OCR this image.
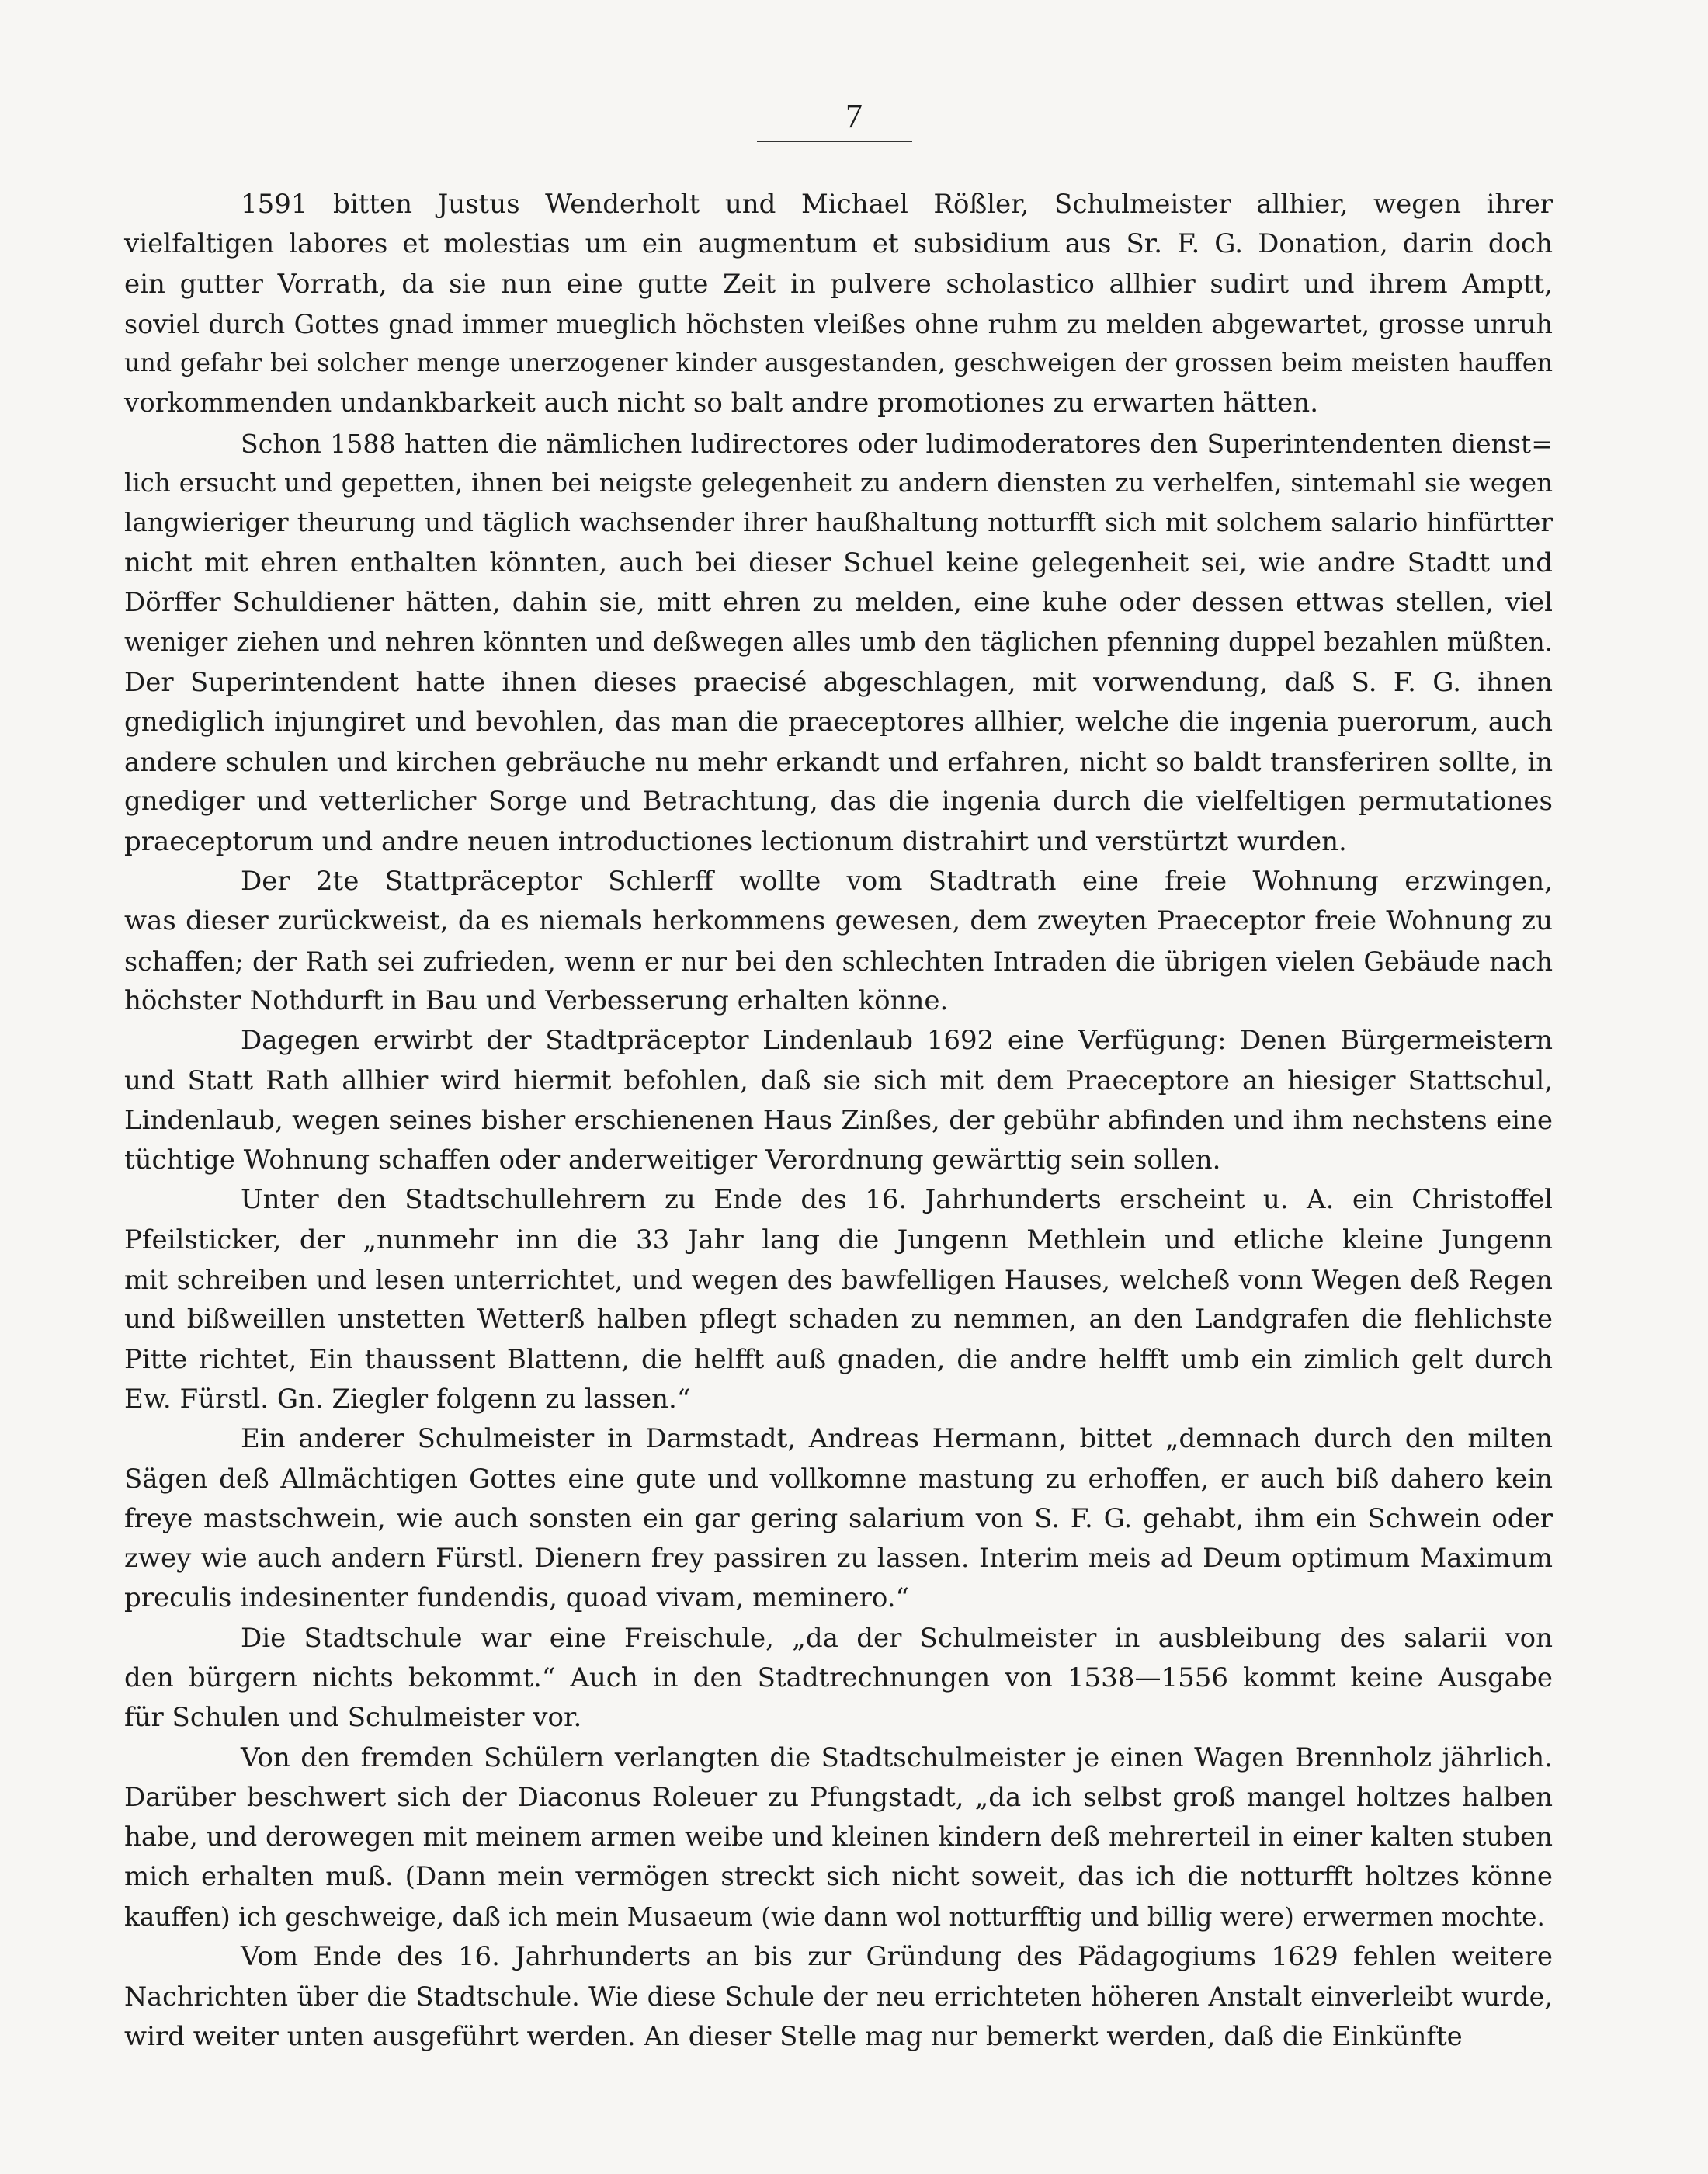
7

1591 bitten Justus Wenderholt und Michael Rößler, Schulmeister allhier, wegen ihrer
vielfaltigen labores et molestias um ein augmentum et subsidium aus Sr. F. G. Donation, darin doch
ein gutter Vorrath, da sie nun eine gutte Zeit in pulvere scholastico allhier sudirt und ihrem Amptt,
soviel durch Gottes gnad immer mueglich höchsten vleißes ohne ruhm zu melden abgewartet, grosse unruh
und gefahr bei solcher menge unerzogener kinder ausgestanden, geschweigen der grossen beim meisten hauffen
vorkommenden undankbarkeit auch nicht so balt andre promotiones zu erwarten hätten.

Schon 1588 hatten die nämlichen ludirectores oder ludimoderatores den Superintendenten dienst=
lich ersucht und gepetten, ihnen bei neigste gelegenheit zu andern diensten zu verhelfen, sintemahl sie wegen
langwieriger theurung und täglich wachsender ihrer haußhaltung notturfft sich mit solchem salario hinfürtter
nicht mit ehren enthalten könnten, auch bei dieser Schuel keine gelegenheit sei, wie andre Stadtt und
Dörffer Schuldiener hätten, dahin sie, mitt ehren zu melden, eine kuhe oder dessen ettwas stellen, viel
weniger ziehen und nehren könnten und deßwegen alles umb den täglichen pfenning duppel bezahlen müßten.
Der Superintendent hatte ihnen dieses praecisé abgeschlagen, mit vorwendung, daß S. F. G. ihnen
gnediglich injungiret und bevohlen, das man die praeceptores allhier, welche die ingenia puerorum, auch
andere schulen und kirchen gebräuche nu mehr erkandt und erfahren, nicht so baldt transferiren sollte, in
gnediger und vetterlicher Sorge und Betrachtung, das die ingenia durch die vielfeltigen permutationes
praeceptorum und andre neuen introductiones lectionum distrahirt und verstürtzt wurden.

Der 2te Stattpräceptor Schlerff wollte vom Stadtrath eine freie Wohnung erzwingen,
was dieser zurückweist, da es niemals herkommens gewesen, dem zweyten Praeceptor freie Wohnung zu
schaffen; der Rath sei zufrieden, wenn er nur bei den schlechten Intraden die übrigen vielen Gebäude nach
höchster Nothdurft in Bau und Verbesserung erhalten könne.

Dagegen erwirbt der Stadtpräceptor Lindenlaub 1692 eine Verfügung: Denen Bürgermeistern
und Statt Rath allhier wird hiermit befohlen, daß sie sich mit dem Praeceptore an hiesiger Stattschul,
Lindenlaub, wegen seines bisher erschienenen Haus Zinßes, der gebühr abfinden und ihm nechstens eine
tüchtige Wohnung schaffen oder anderweitiger Verordnung gewärttig sein sollen.

Unter den Stadtschullehrern zu Ende des 16. Jahrhunderts erscheint u. A. ein Christoffel
Pfeilsticker, der „nunmehr inn die 33 Jahr lang die Jungenn Methlein und etliche kleine Jungenn
mit schreiben und lesen unterrichtet, und wegen des bawfelligen Hauses, welcheß vonn Wegen deß Regen
und bißweillen unstetten Wetterß halben pflegt schaden zu nemmen, an den Landgrafen die flehlichste
Pitte richtet, Ein thaussent Blattenn, die helfft auß gnaden, die andre helfft umb ein zimlich gelt durch
Ew. Fürstl. Gn. Ziegler folgenn zu lassen.“

Ein anderer Schulmeister in Darmstadt, Andreas Hermann, bittet „demnach durch den milten
Sägen deß Allmächtigen Gottes eine gute und vollkomne mastung zu erhoffen, er auch biß dahero kein
freye mastschwein, wie auch sonsten ein gar gering salarium von S. F. G. gehabt, ihm ein Schwein oder
zwey wie auch andern Fürstl. Dienern frey passiren zu lassen. Interim meis ad Deum optimum Maximum
preculis indesinenter fundendis, quoad vivam, meminero.“

Die Stadtschule war eine Freischule, „da der Schulmeister in ausbleibung des salarii von
den bürgern nichts bekommt.“ Auch in den Stadtrechnungen von 1538—1556 kommt keine Ausgabe
für Schulen und Schulmeister vor.

Von den fremden Schülern verlangten die Stadtschulmeister je einen Wagen Brennholz jährlich.
Darüber beschwert sich der Diaconus Roleuer zu Pfungstadt, „da ich selbst groß mangel holtzes halben
habe, und derowegen mit meinem armen weibe und kleinen kindern deß mehrerteil in einer kalten stuben
mich erhalten muß. (Dann mein vermögen streckt sich nicht soweit, das ich die notturfft holtzes könne
kauffen) ich geschweige, daß ich mein Musaeum (wie dann wol notturfftig und billig were) erwermen mochte.

Vom Ende des 16. Jahrhunderts an bis zur Gründung des Pädagogiums 1629 fehlen weitere
Nachrichten über die Stadtschule. Wie diese Schule der neu errichteten höheren Anstalt einverleibt wurde,
wird weiter unten ausgeführt werden. An dieser Stelle mag nur bemerkt werden, daß die Einkünfte
